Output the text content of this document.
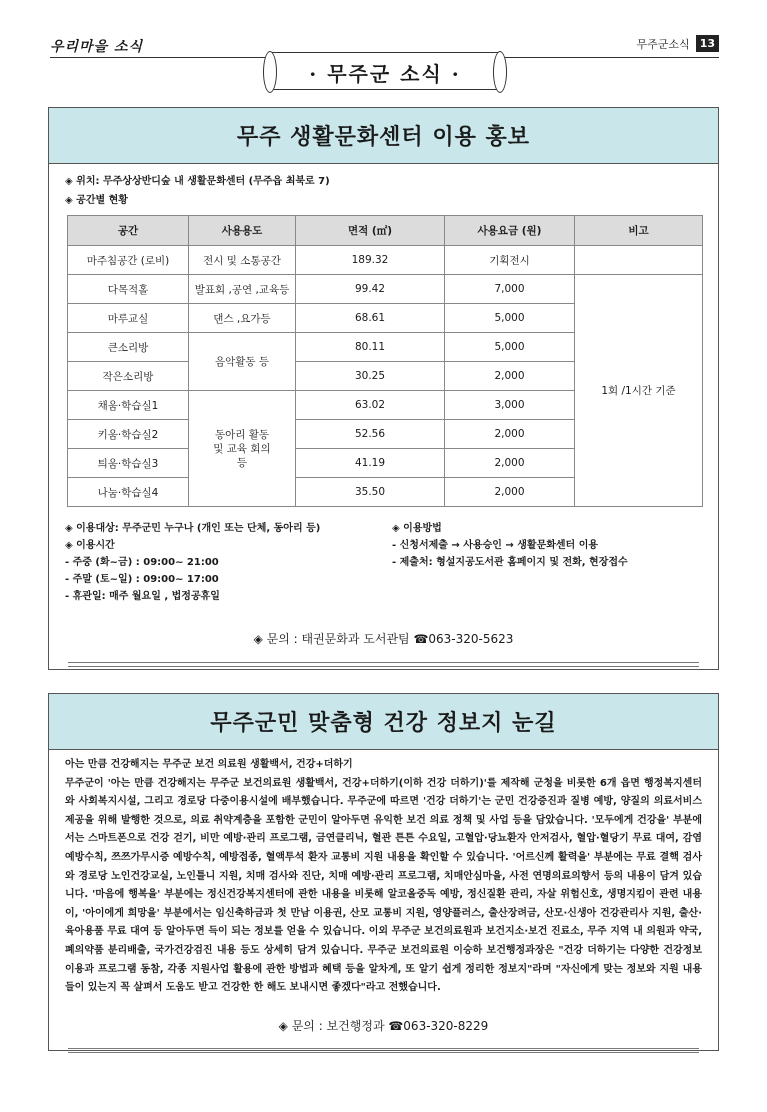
우리마을 소식	무주군소식 13
· 무주군 소식 ·
무주 생활문화센터 이용 홍보
◈ 위치: 무주상상반디숲 내 생활문화센터 (무주읍 최북로 7)
◈ 공간별 현황
공간	사용용도	면적 (㎡)	사용요금 (원)	비고
마주침공간 (로비)	전시 및 소통공간	189.32	기획전시	
다목적홀	발표회 ,공연 ,교육등	99.42	7,000	1회 /1시간 기준
마루교실	댄스 ,요가등	68.61	5,000	
큰소리방	음악활동 등	80.11	5,000	
작은소리방		30.25	2,000	
채움·학습실1	동아리 활동 및 교육 회의 등	63.02	3,000	
키움·학습실2		52.56	2,000	
틔움·학습실3		41.19	2,000	
나눔·학습실4		35.50	2,000	
◈ 이용대상: 무주군민 누구나 (개인 또는 단체, 동아리 등)
◈ 이용시간
- 주중 (화~금) : 09:00~ 21:00
- 주말 (토~일) : 09:00~ 17:00
- 휴관일: 매주 월요일 , 법정공휴일
◈ 이용방법
- 신청서제출 → 사용승인 → 생활문화센터 이용
- 제출처: 형설지공도서관 홈페이지 및 전화, 현장접수
◈ 문의 : 태권문화과 도서관팀 ☎063-320-5623
무주군민 맞춤형 건강 정보지 눈길
아는 만큼 건강해지는 무주군 보건 의료원 생활백서, 건강+더하기
무주군이 '아는 만큼 건강해지는 무주군 보건의료원 생활백서, 건강+더하기(이하 건강 더하기)'를 제작해 군청을 비롯한 6개 읍면 행정복지센터와 사회복지시설, 그리고 경로당 다중이용시설에 배부했습니다. 무주군에 따르면 '건강 더하기'는 군민 건강증진과 질병 예방, 양질의 의료서비스 제공을 위해 발행한 것으로, 의료 취약계층을 포함한 군민이 알아두면 유익한 보건 의료 정책 및 사업 등을 담았습니다. '모두에게 건강을' 부분에서는 스마트폰으로 건강 걷기, 비만 예방·관리 프로그램, 금연클리닉, 혈관 튼튼 수요일, 고혈압·당뇨환자 안저검사, 혈압·혈당기 무료 대여, 감염 예방수칙, 쯔쯔가무시증 예방수칙, 예방접종, 혈액투석 환자 교통비 지원 내용을 확인할 수 있습니다. '어르신께 활력을' 부분에는 무료 결핵 검사와 경로당 노인건강교실, 노인틀니 지원, 치매 검사와 진단, 치매 예방·관리 프로그램, 치매안심마을, 사전 연명의료의향서 등의 내용이 담겨 있습니다. '마음에 행복을' 부분에는 정신건강복지센터에 관한 내용을 비롯해 알코올중독 예방, 정신질환 관리, 자살 위험신호, 생명지킴이 관련 내용이, '아이에게 희망을' 부분에서는 임신축하금과 첫 만남 이용권, 산모 교통비 지원, 영양플러스, 출산장려금, 산모·신생아 건강관리사 지원, 출산·육아용품 무료 대여 등 알아두면 득이 되는 정보를 얻을 수 있습니다. 이외 무주군 보건의료원과 보건지소·보건 진료소, 무주 지역 내 의원과 약국, 폐의약품 분리배출, 국가건강검진 내용 등도 상세히 담겨 있습니다. 무주군 보건의료원 이승하 보건행정과장은 "건강 더하기는 다양한 건강정보 이용과 프로그램 동참, 각종 지원사업 활용에 관한 방법과 혜택 등을 알차게, 또 알기 쉽게 정리한 정보지"라며 "자신에게 맞는 정보와 지원 내용들이 있는지 꼭 살펴서 도움도 받고 건강한 한 해도 보내시면 좋겠다"라고 전했습니다.
◈ 문의 : 보건행정과 ☎063-320-8229
